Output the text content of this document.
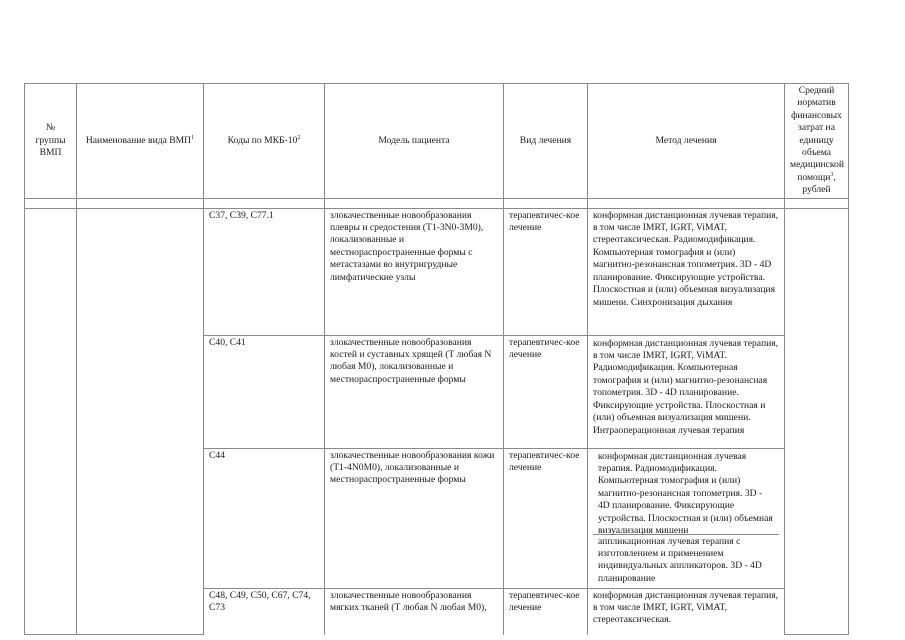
№ группы ВМП	Наименование вида ВМП$^1$	Коды по МКБ-$10^2$	Модель пациента	Вид лечения	Метод лечения	Средний норматив финансовых затрат на единицу объема медицинской помощи$^3$, рублей

		C37, C39, C77.1	злокачественные новообразования плевры и средостения (T1-3N0-3M0), локализованные и местнораспространенные формы с метастазами во внутригрудные лимфатические узлы	терапевтичес-кое лечение	конформная дистанционная лучевая терапия, в том числе IMRT, IGRT, ViMAT, стереотаксическая. Радиомодификация. Компьютерная томография и (или) магнитно-резонансная топометрия. 3D - 4D планирование. Фиксирующие устройства. Плоскостная и (или) объемная визуализация мишени. Синхронизация дыхания	
		C40, C41	злокачественные новообразования костей и суставных хрящей (T любая N любая M0), локализованные и местнораспространенные формы	терапевтичес-кое лечение	конформная дистанционная лучевая терапия, в том числе IMRT, IGRT, ViMAT. Радиомодификация. Компьютерная томография и (или) магнитно-резонансная топометрия. 3D - 4D планирование. Фиксирующие устройства. Плоскостная и (или) объемная визуализация мишени. Интраоперационная лучевая терапия	
		C44	злокачественные новообразования кожи (T1-4N0M0), локализованные и местнораспространенные формы	терапевтичес-кое лечение	конформная дистанционная лучевая терапия. Радиомодификация. Компьютерная томография и (или) магнитно-резонансная топометрия. 3D - 4D планирование. Фиксирующие устройства. Плоскостная и (или) объемная визуализация мишени
аппликационная лучевая терапия с изготовлением и применением индивидуальных аппликаторов. 3D - 4D планирование	

		C48, C49, C50, C67, C74, C73	злокачественные новообразования мягких тканей (T любая N любая M0),	терапевтичес-кое лечение	конформная дистанционная лучевая терапия, в том числе IMRT, IGRT, ViMAT, стереотаксическая.	
